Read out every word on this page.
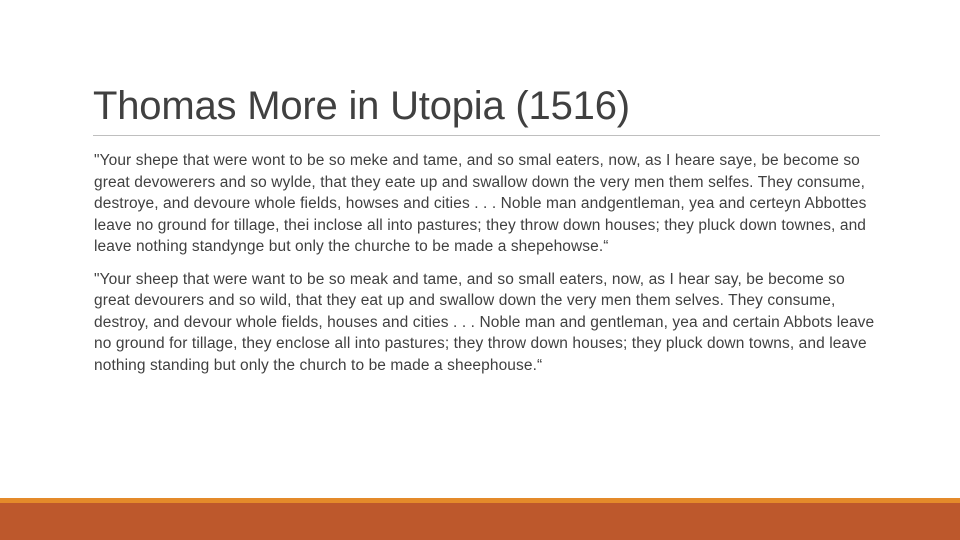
Thomas More in Utopia (1516)

"Your shepe that were wont to be so meke and tame, and so smal eaters, now, as I heare saye, be become so great devowerers and so wylde, that they eate up and swallow down the very men them selfes. They consume, destroye, and devoure whole fields, howses and cities . . . Noble man andgentleman, yea and certeyn Abbottes leave no ground for tillage, thei inclose all into pastures; they throw down houses; they pluck down townes, and leave nothing standynge but only the churche to be made a shepehowse.“

"Your sheep that were want to be so meak and tame, and so small eaters, now, as I hear say, be become so great devourers and so wild, that they eat up and swallow down the very men them selves. They consume, destroy, and devour whole fields, houses and cities . . . Noble man and gentleman, yea and certain Abbots leave no ground for tillage, they enclose all into pastures; they throw down houses; they pluck down towns, and leave nothing standing but only the church to be made a sheephouse.“
